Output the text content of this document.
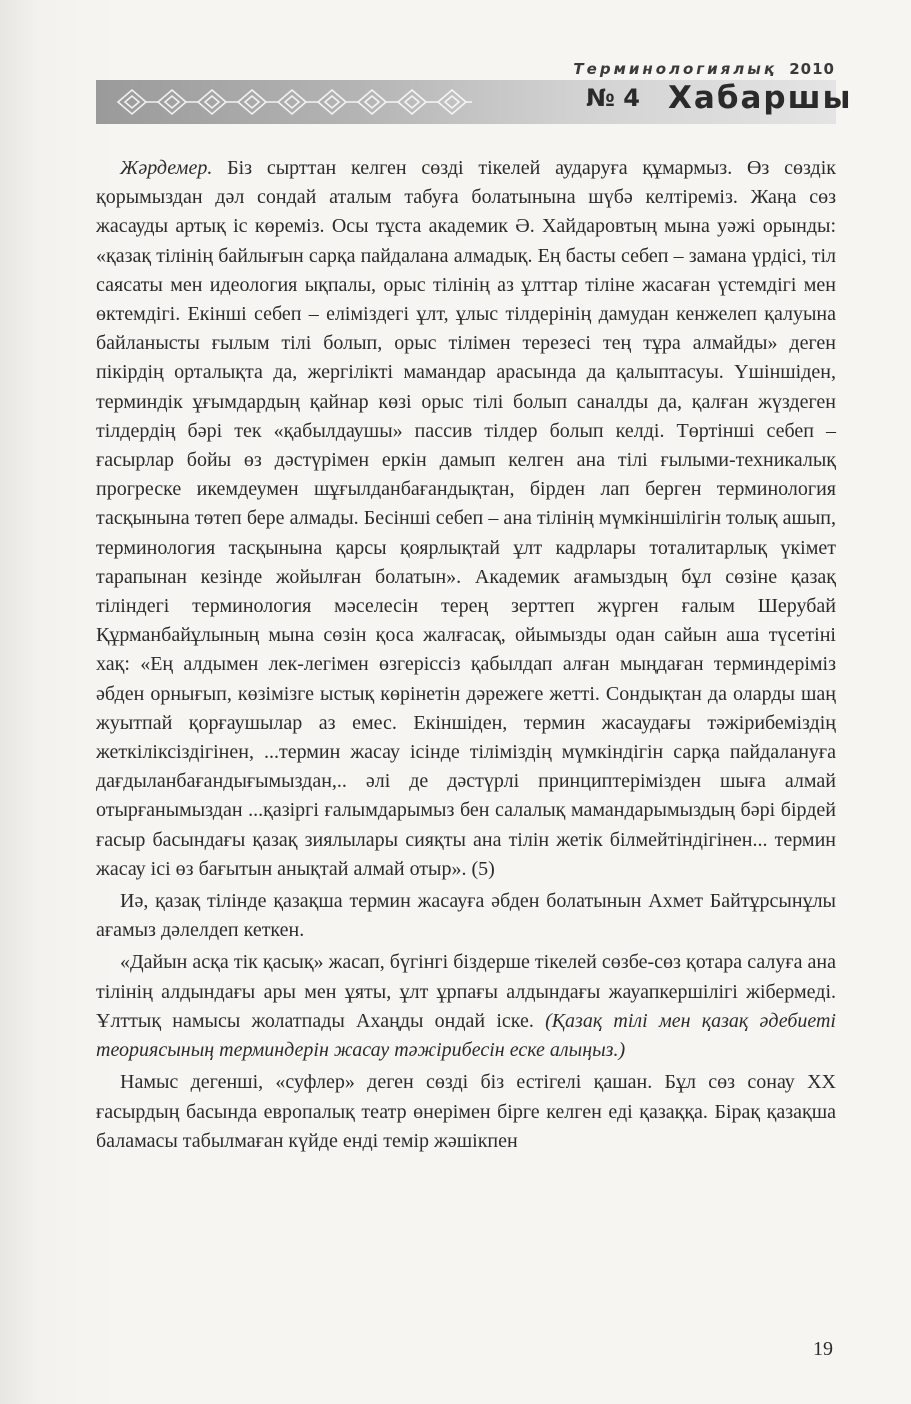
Терминологиялық 2010
№ 4 Хабаршы

Жәрдемер. Біз сырттан келген сөзді тікелей аударуға құмармыз. Өз сөздік қорымыздан дәл сондай аталым табуға болатынына шүбә келтіреміз. Жаңа сөз жасауды артық іс көреміз. Осы тұста академик Ә. Хайдаровтың мына уәжі орынды: «қазақ тілінің байлығын сарқа пайдалана алмадық. Ең басты себеп – замана үрдісі, тіл саясаты мен идеология ықпалы, орыс тілінің аз ұлттар тіліне жасаған үстемдігі мен өктемдігі. Екінші себеп – еліміздегі ұлт, ұлыс тілдерінің дамудан кенжелеп қалуына байланысты ғылым тілі болып, орыс тілімен терезесі тең тұра алмайды» деген пікірдің орталықта да, жергілікті мамандар арасында да қалыптасуы. Үшіншіден, терминдік ұғымдардың қайнар көзі орыс тілі болып саналды да, қалған жүздеген тілдердің бәрі тек «қабылдаушы» пассив тілдер болып келді. Төртінші себеп – ғасырлар бойы өз дәстүрімен еркін дамып келген ана тілі ғылыми-техникалық прогреске икемдеумен шұғылданбағандықтан, бірден лап берген терминология тасқынына төтеп бере алмады. Бесінші себеп – ана тілінің мүмкіншілігін толық ашып, терминология тасқынына қарсы қоярлықтай ұлт кадрлары тоталитарлық үкімет тарапынан кезінде жойылған болатын». Академик ағамыздың бұл сөзіне қазақ тіліндегі терминология мәселесін терең зерттеп жүрген ғалым Шерубай Құрманбайұлының мына сөзін қоса жалғасақ, ойымызды одан сайын аша түсетіні хақ: «Ең алдымен лек-легімен өзгеріссіз қабылдап алған мыңдаған терминдеріміз әбден орнығып, көзімізге ыстық көрінетін дәрежеге жетті. Сондықтан да оларды шаң жуытпай қорғаушылар аз емес. Екіншіден, термин жасаудағы тәжірибеміздің жеткіліксіздігінен, ...термин жасау ісінде тіліміздің мүмкіндігін сарқа пайдалануға дағдыланбағандығымыздан,.. әлі де дәстүрлі принциптерімізден шыға алмай отырғанымыздан ...қазіргі ғалымдарымыз бен салалық мамандарымыздың бәрі бірдей ғасыр басындағы қазақ зиялылары сияқты ана тілін жетік білмейтіндігінен... термин жасау ісі өз бағытын анықтай алмай отыр». (5)

Иә, қазақ тілінде қазақша термин жасауға әбден болатынын Ахмет Байтұрсынұлы ағамыз дәлелдеп кеткен.

«Дайын асқа тік қасық» жасап, бүгінгі біздерше тікелей сөзбе-сөз қотара салуға ана тілінің алдындағы ары мен ұяты, ұлт ұрпағы алдындағы жауапкершілігі жібермеді. Ұлттық намысы жолатпады Ахаңды ондай іске. (Қазақ тілі мен қазақ әдебиеті теориясының терминдерін жасау тәжірибесін еске алыңыз.)

Намыс дегенші, «суфлер» деген сөзді біз естігелі қашан. Бұл сөз сонау XX ғасырдың басында европалық театр өнерімен бірге келген еді қазаққа. Бірақ қазақша баламасы табылмаған күйде енді темір жәшікпен

19
